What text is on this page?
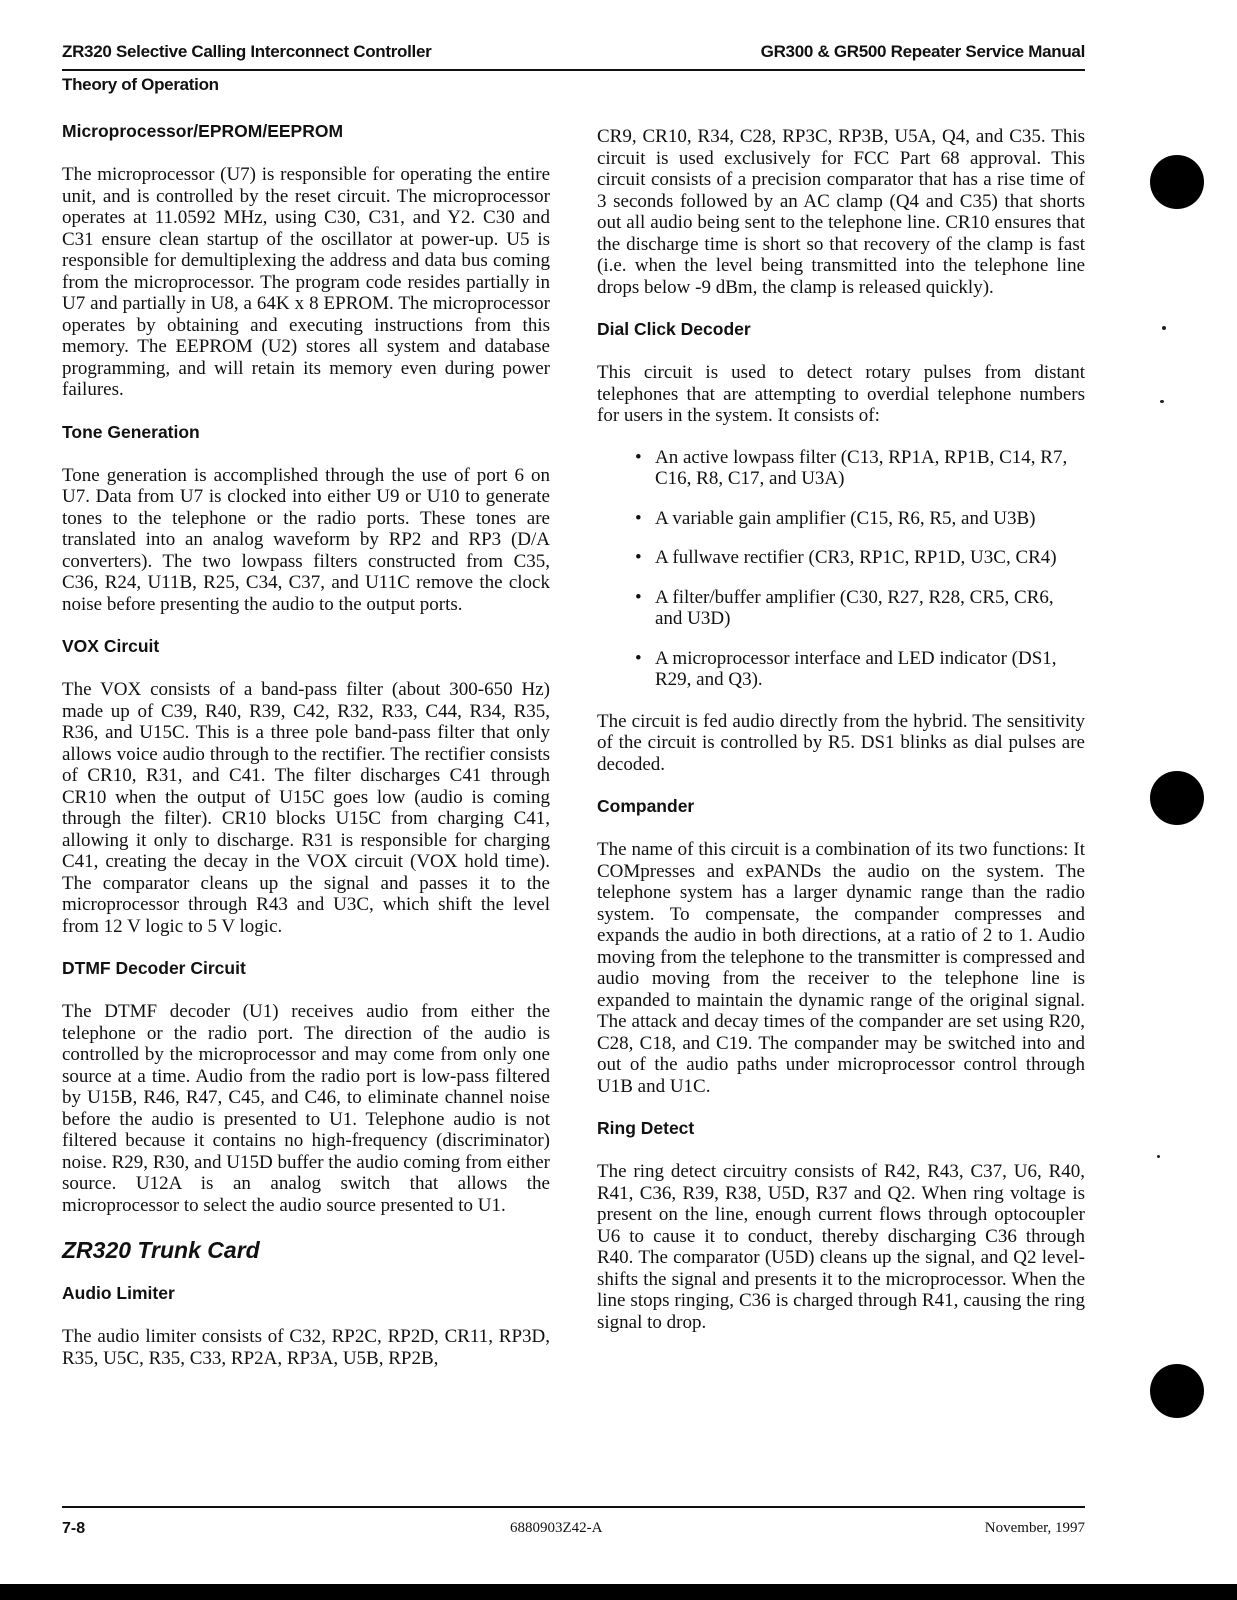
ZR320 Selective Calling Interconnect Controller	GR300 & GR500 Repeater Service Manual
Theory of Operation
Microprocessor/EPROM/EEPROM

The microprocessor (U7) is responsible for operating the entire unit, and is controlled by the reset circuit. The microprocessor operates at 11.0592 MHz, using C30, C31, and Y2. C30 and C31 ensure clean startup of the oscillator at power-up. U5 is responsible for demultiplexing the address and data bus coming from the microprocessor. The program code resides partially in U7 and partially in U8, a 64K x 8 EPROM. The microprocessor operates by obtaining and executing instructions from this memory. The EEPROM (U2) stores all system and database programming, and will retain its memory even during power failures.

Tone Generation

Tone generation is accomplished through the use of port 6 on U7. Data from U7 is clocked into either U9 or U10 to generate tones to the telephone or the radio ports. These tones are translated into an analog waveform by RP2 and RP3 (D/A converters). The two lowpass filters constructed from C35, C36, R24, U11B, R25, C34, C37, and U11C remove the clock noise before presenting the audio to the output ports.

VOX Circuit

The VOX consists of a band-pass filter (about 300-650 Hz) made up of C39, R40, R39, C42, R32, R33, C44, R34, R35, R36, and U15C. This is a three pole band-pass filter that only allows voice audio through to the rectifier. The rectifier consists of CR10, R31, and C41. The filter discharges C41 through CR10 when the output of U15C goes low (audio is coming through the filter). CR10 blocks U15C from charging C41, allowing it only to discharge. R31 is responsible for charging C41, creating the decay in the VOX circuit (VOX hold time). The comparator cleans up the signal and passes it to the microprocessor through R43 and U3C, which shift the level from 12 V logic to 5 V logic.

DTMF Decoder Circuit

The DTMF decoder (U1) receives audio from either the telephone or the radio port. The direction of the audio is controlled by the microprocessor and may come from only one source at a time. Audio from the radio port is low-pass filtered by U15B, R46, R47, C45, and C46, to eliminate channel noise before the audio is presented to U1. Telephone audio is not filtered because it contains no high-frequency (discriminator) noise. R29, R30, and U15D buffer the audio coming from either source. U12A is an analog switch that allows the microprocessor to select the audio source presented to U1.

ZR320 Trunk Card
Audio Limiter

The audio limiter consists of C32, RP2C, RP2D, CR11, RP3D, R35, U5C, R35, C33, RP2A, RP3A, U5B, RP2B,

CR9, CR10, R34, C28, RP3C, RP3B, U5A, Q4, and C35. This circuit is used exclusively for FCC Part 68 approval. This circuit consists of a precision comparator that has a rise time of 3 seconds followed by an AC clamp (Q4 and C35) that shorts out all audio being sent to the telephone line. CR10 ensures that the discharge time is short so that recovery of the clamp is fast (i.e. when the level being transmitted into the telephone line drops below -9 dBm, the clamp is released quickly).

Dial Click Decoder

This circuit is used to detect rotary pulses from distant telephones that are attempting to overdial telephone numbers for users in the system. It consists of:

• An active lowpass filter (C13, RP1A, RP1B, C14, R7, C16, R8, C17, and U3A)
• A variable gain amplifier (C15, R6, R5, and U3B)
• A fullwave rectifier (CR3, RP1C, RP1D, U3C, CR4)
• A filter/buffer amplifier (C30, R27, R28, CR5, CR6, and U3D)
• A microprocessor interface and LED indicator (DS1, R29, and Q3).

The circuit is fed audio directly from the hybrid. The sensitivity of the circuit is controlled by R5. DS1 blinks as dial pulses are decoded.

Compander

The name of this circuit is a combination of its two functions: It COMpresses and exPANDs the audio on the system. The telephone system has a larger dynamic range than the radio system. To compensate, the compander compresses and expands the audio in both directions, at a ratio of 2 to 1. Audio moving from the telephone to the transmitter is compressed and audio moving from the receiver to the telephone line is expanded to maintain the dynamic range of the original signal. The attack and decay times of the compander are set using R20, C28, C18, and C19. The compander may be switched into and out of the audio paths under microprocessor control through U1B and U1C.

Ring Detect

The ring detect circuitry consists of R42, R43, C37, U6, R40, R41, C36, R39, R38, U5D, R37 and Q2. When ring voltage is present on the line, enough current flows through optocoupler U6 to cause it to conduct, thereby discharging C36 through R40. The comparator (U5D) cleans up the signal, and Q2 level-shifts the signal and presents it to the microprocessor. When the line stops ringing, C36 is charged through R41, causing the ring signal to drop.

7-8	6880903Z42-A	November, 1997
